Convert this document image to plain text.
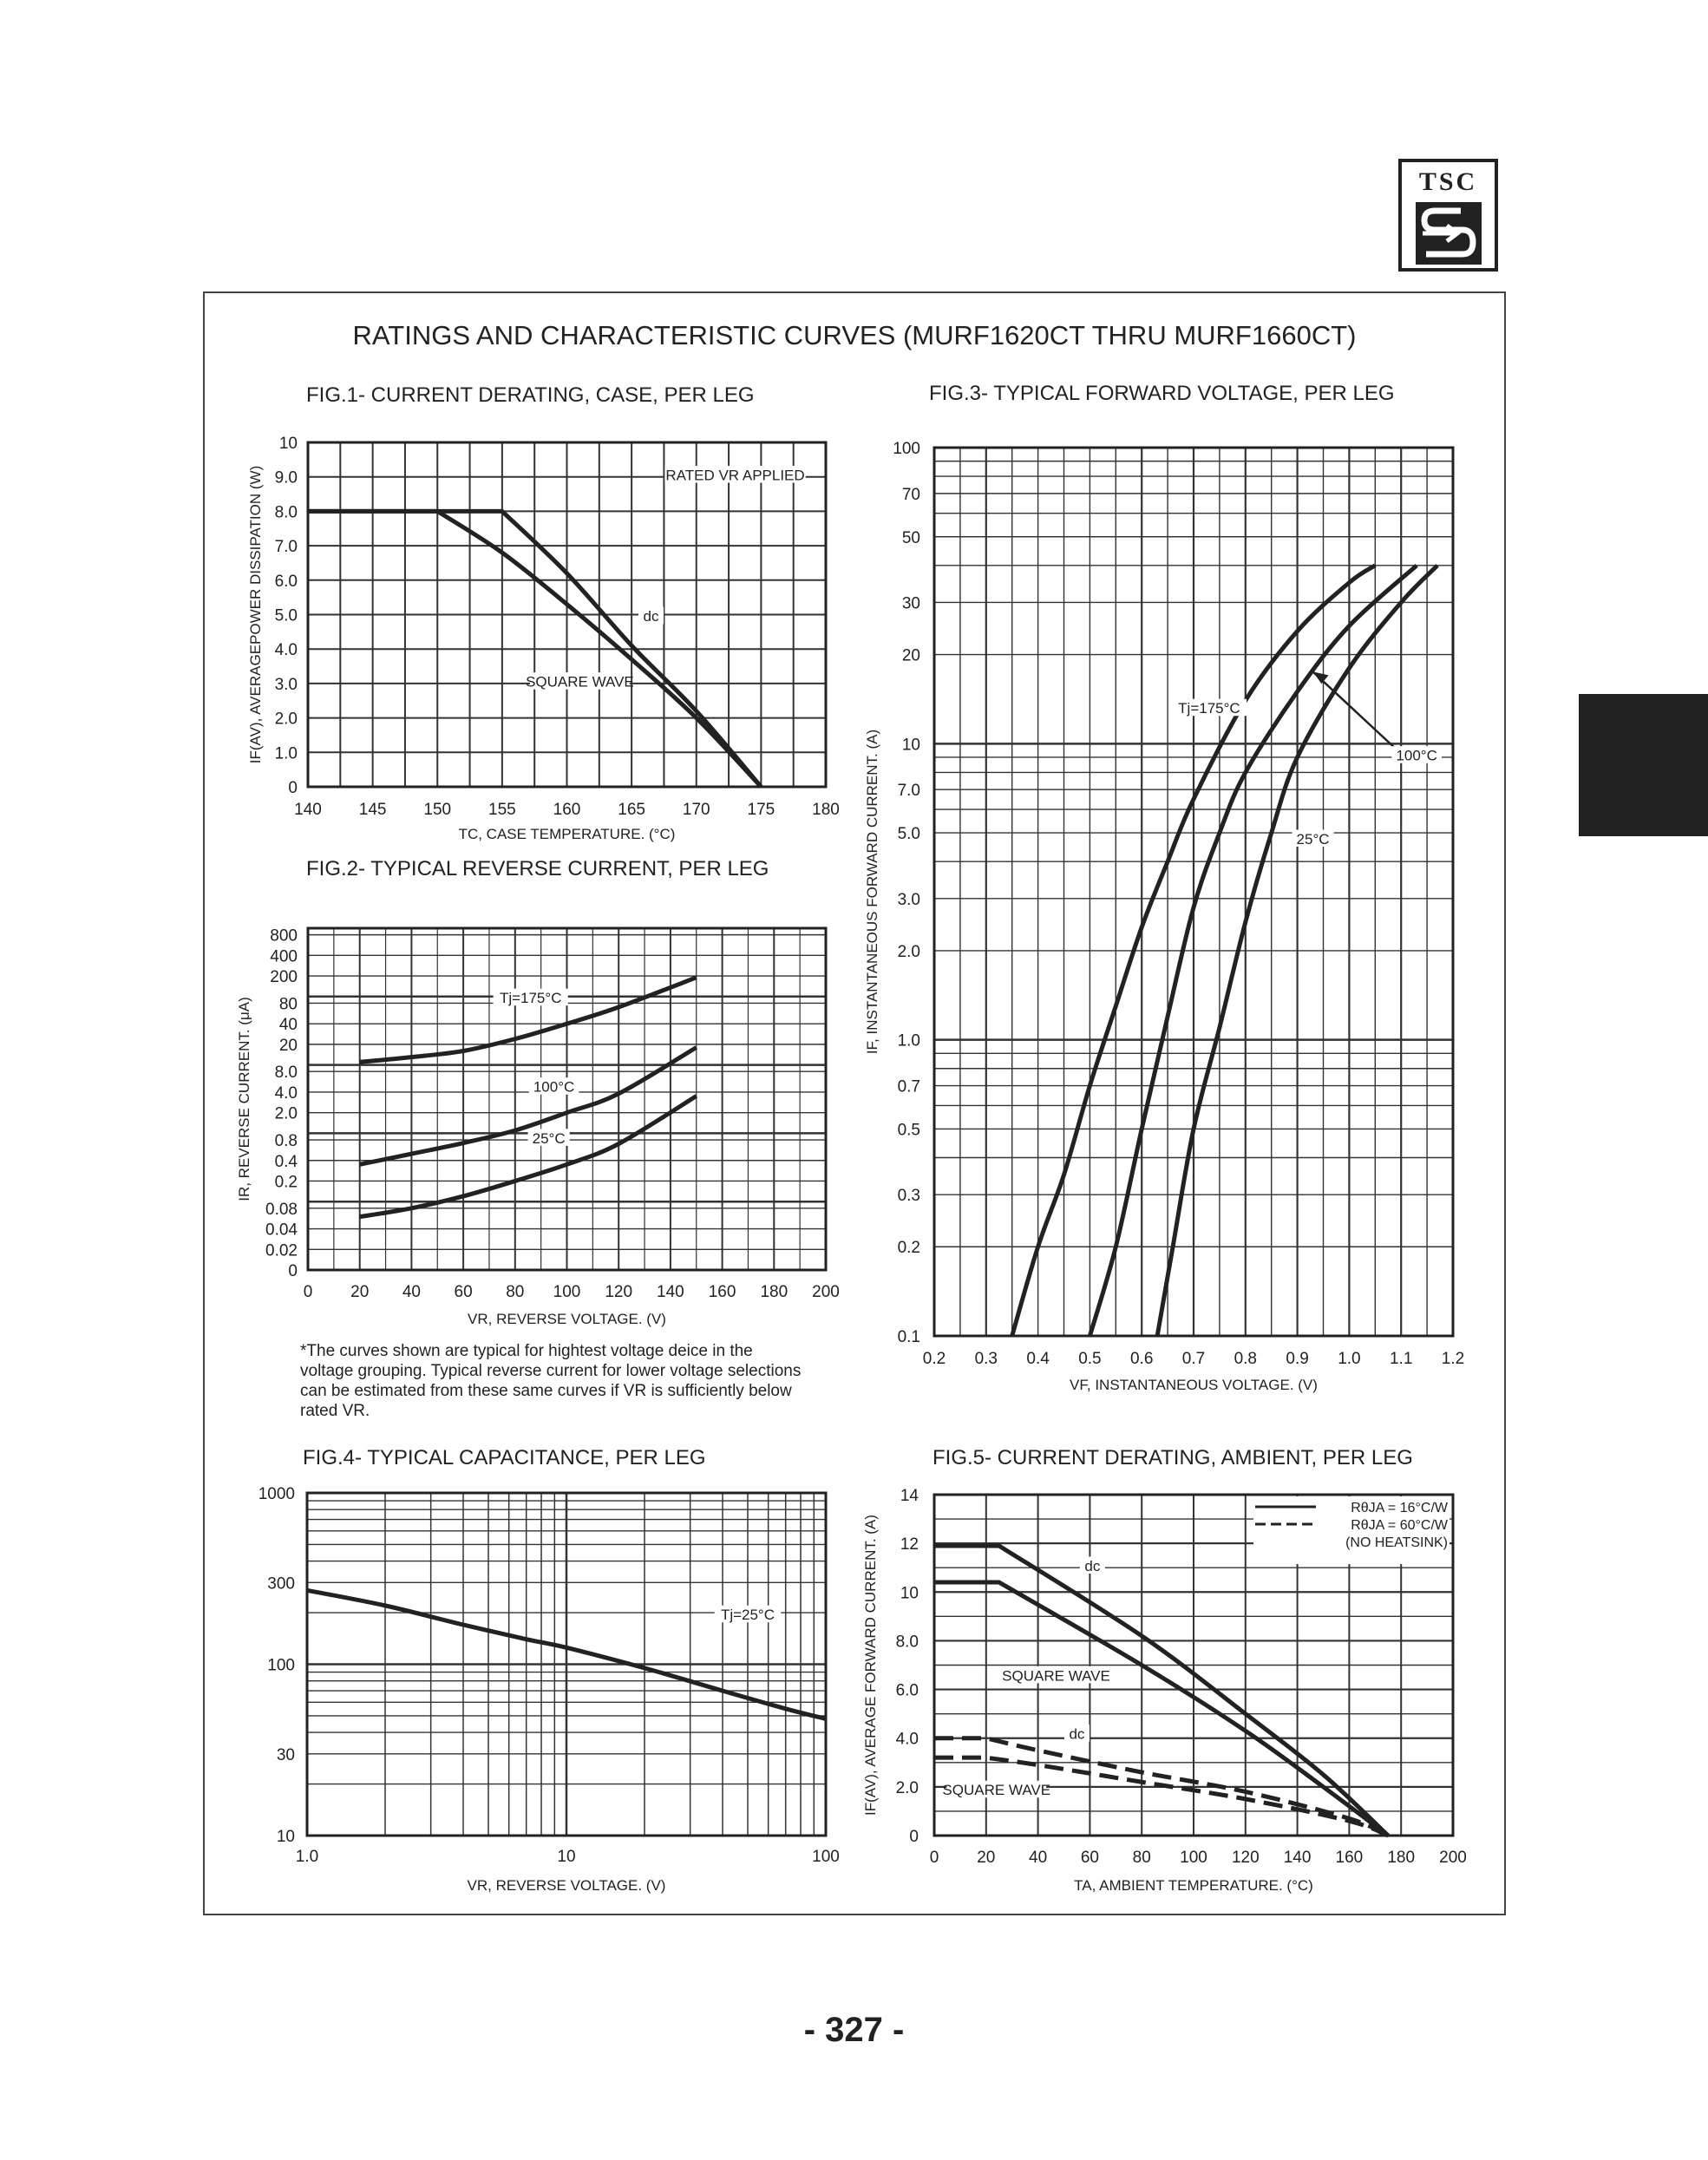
TSC
RATINGS AND CHARACTERISTIC CURVES (MURF1620CT THRU MURF1660CT)
FIG.1- CURRENT DERATING, CASE, PER LEG
FIG.2- TYPICAL REVERSE CURRENT, PER LEG
FIG.3- TYPICAL FORWARD VOLTAGE, PER LEG
FIG.4- TYPICAL CAPACITANCE, PER LEG	FIG.5- CURRENT DERATING, AMBIENT, PER LEG
140 145 150 155 160 165 170 175 180
0
1.0
2.0
3.0
4.0
5.0
6.0
7.0
8.0
9.0
10
TC, CASE TEMPERATURE. (°C)
IF(AV), AVERAGEPOWER DISSIPATION (W)	RATED VR APPLIED
dc
SQUARE WAVE
0 20 40 60 80 100 120 140 160 180 200
800
400
200
80
40
20
8.0
4.0
2.0
0.8
0.4
0.2
0.08
0.04
0.02
0
VR, REVERSE VOLTAGE. (V)
IR, REVERSE CURRENT. (μA)	Tj=175°C
100°C
25°C
0.2 0.3 0.4 0.5 0.6 0.7 0.8 0.9 1.0 1.1 1.2
0.1
0.2
0.3
0.5
0.7
1.0
2.0
3.0
5.0
7.0
10
20
30
50
70
100
VF, INSTANTANEOUS VOLTAGE. (V)
IF, INSTANTANEOUS FORWARD CURRENT. (A)
Tj=175°C
100°C
25°C
1.0	10	100
10
30
100
300
1000
VR, REVERSE VOLTAGE. (V)
Tj=25°C
0 20 40 60 80 100 120 140 160 180 200
0
2.0
4.0
6.0
8.0
10
12
14
TA, AMBIENT TEMPERATURE. (°C)
IF(AV), AVERAGE FORWARD CURRENT. (A)	dc
SQUARE WAVE
dc
SQUARE WAVE
RθJA = 16°C/W
RθJA = 60°C/W
(NO HEATSINK)
*The curves shown are typical for hightest voltage deice in the
voltage grouping. Typical reverse current for lower voltage selections
can be estimated from these same curves if VR is sufficiently below
rated VR.
- 327 -
